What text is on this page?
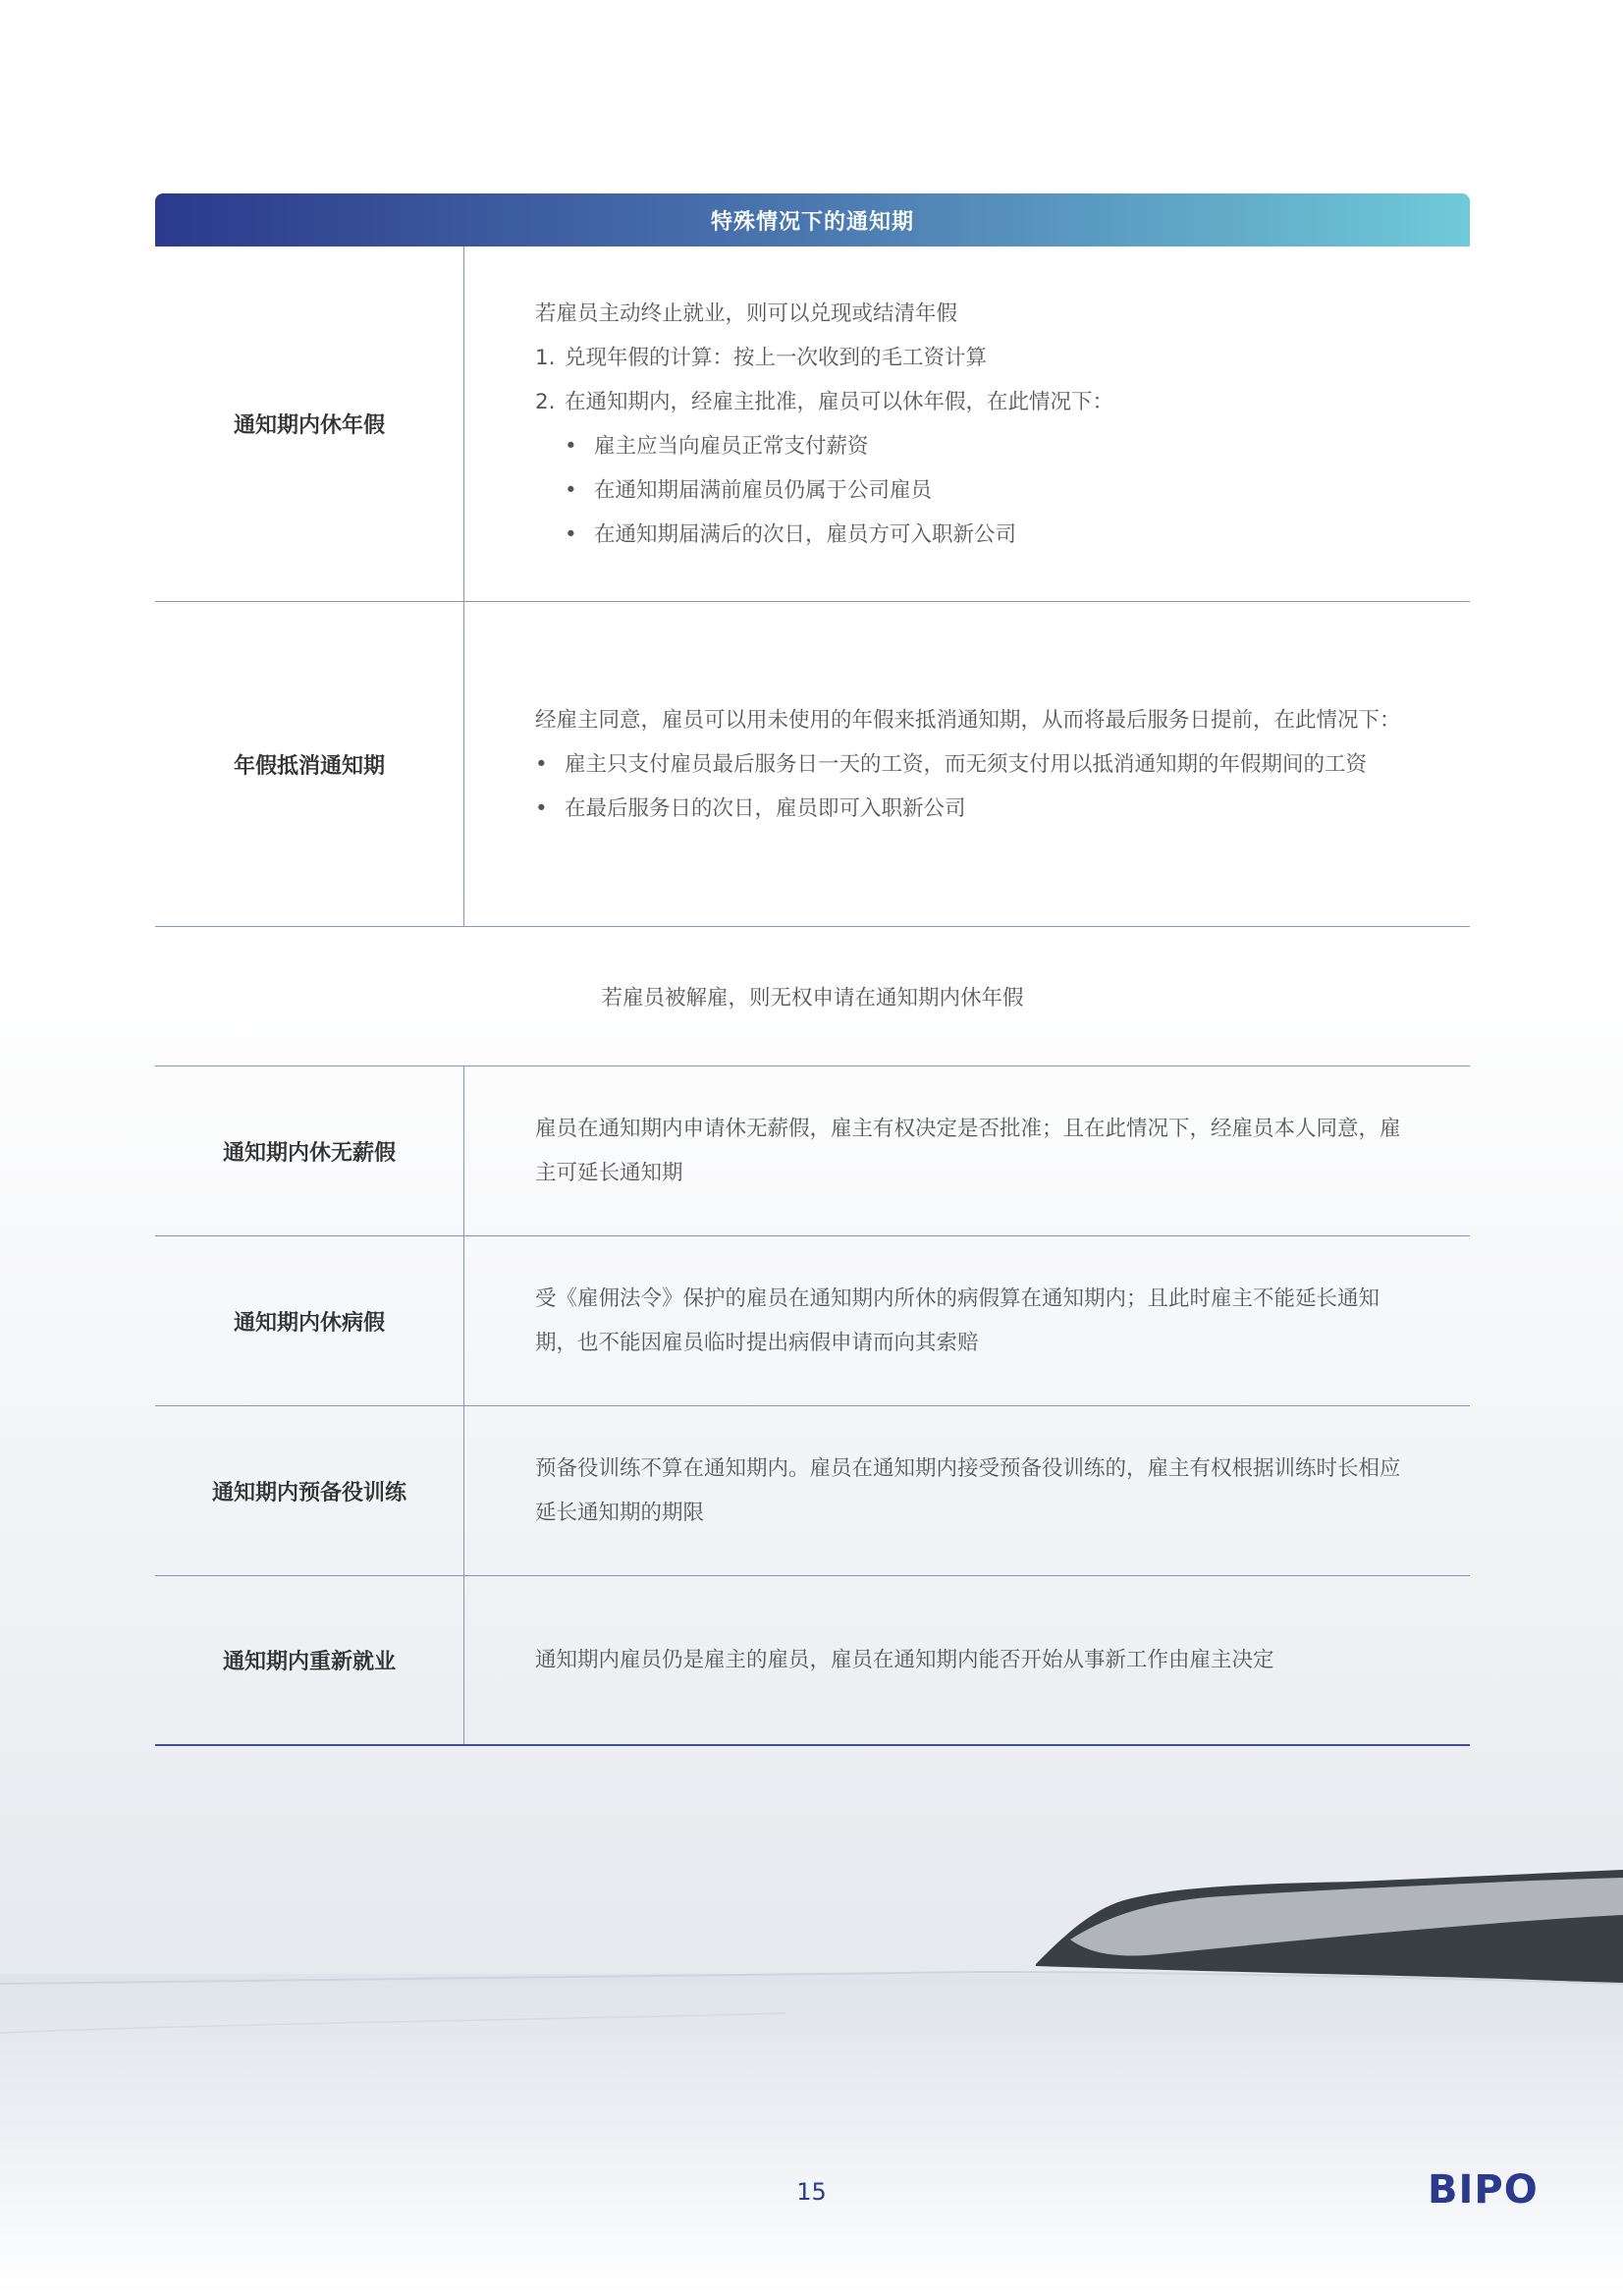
特殊情况下的通知期
通知期内休年假
若雇员主动终止就业，则可以兑现或结清年假
1. 兑现年假的计算：按上一次收到的毛工资计算
2. 在通知期内，经雇主批准，雇员可以休年假，在此情况下：
• 雇主应当向雇员正常支付薪资
• 在通知期届满前雇员仍属于公司雇员
• 在通知期届满后的次日，雇员方可入职新公司
年假抵消通知期
经雇主同意，雇员可以用未使用的年假来抵消通知期，从而将最后服务日提前，在此情况下：
• 雇主只支付雇员最后服务日一天的工资，而无须支付用以抵消通知期的年假期间的工资
• 在最后服务日的次日，雇员即可入职新公司
若雇员被解雇，则无权申请在通知期内休年假
通知期内休无薪假
雇员在通知期内申请休无薪假，雇主有权决定是否批准；且在此情况下，经雇员本人同意，雇主可延长通知期
通知期内休病假
受《雇佣法令》保护的雇员在通知期内所休的病假算在通知期内；且此时雇主不能延长通知期，也不能因雇员临时提出病假申请而向其索赔
通知期内预备役训练
预备役训练不算在通知期内。雇员在通知期内接受预备役训练的，雇主有权根据训练时长相应延长通知期的期限
通知期内重新就业	通知期内雇员仍是雇主的雇员，雇员在通知期内能否开始从事新工作由雇主决定
15	BIPO
